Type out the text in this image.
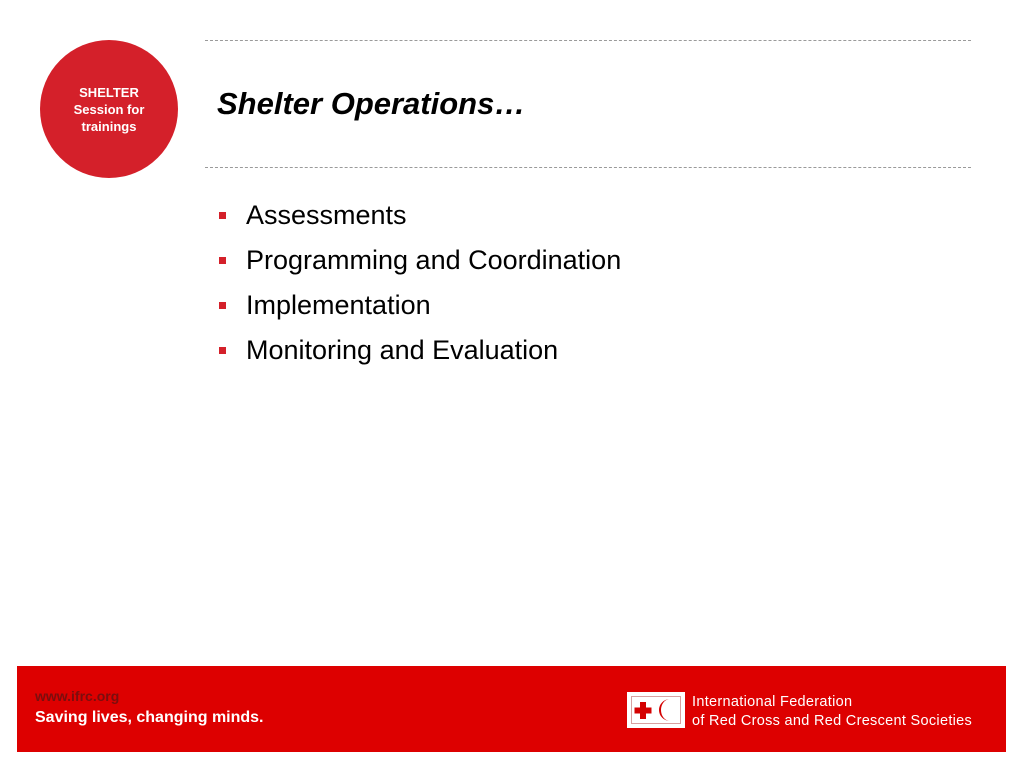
SHELTER
Session for
trainings
Shelter Operations…
Assessments
Programming and Coordination
Implementation
Monitoring and Evaluation
www.ifrc.org
Saving lives, changing minds.
International Federation
of Red Cross and Red Crescent Societies
